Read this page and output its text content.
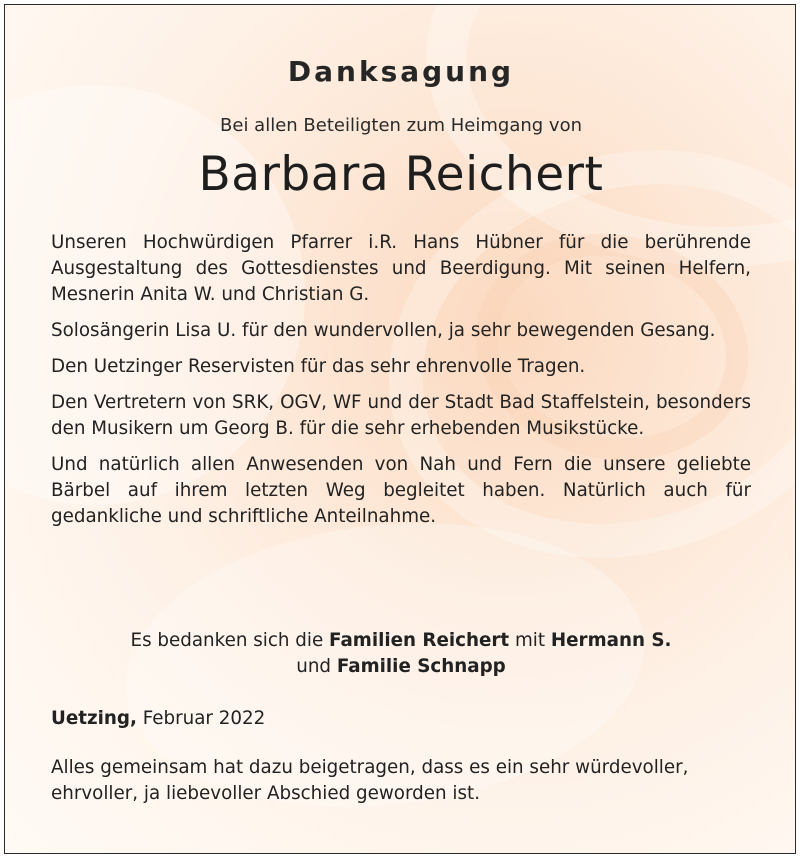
Danksagung
Bei allen Beteiligten zum Heimgang von
Barbara Reichert

Unseren Hochwürdigen Pfarrer i.R. Hans Hübner für die berührende Ausgestaltung des Gottesdienstes und Beerdigung. Mit seinen Helfern, Mesnerin Anita W. und Christian G.

Solosängerin Lisa U. für den wundervollen, ja sehr bewegenden Gesang.

Den Uetzinger Reservisten für das sehr ehrenvolle Tragen.

Den Vertretern von SRK, OGV, WF und der Stadt Bad Staffelstein, besonders den Musikern um Georg B. für die sehr erhebenden Musikstücke.

Und natürlich allen Anwesenden von Nah und Fern die unsere geliebte Bärbel auf ihrem letzten Weg begleitet haben. Natürlich auch für gedankliche und schriftliche Anteilnahme.

Es bedanken sich die Familien Reichert mit Hermann S.
und Familie Schnapp
Uetzing, Februar 2022
Alles gemeinsam hat dazu beigetragen, dass es ein sehr würdevoller, ehrvoller, ja liebevoller Abschied geworden ist.
